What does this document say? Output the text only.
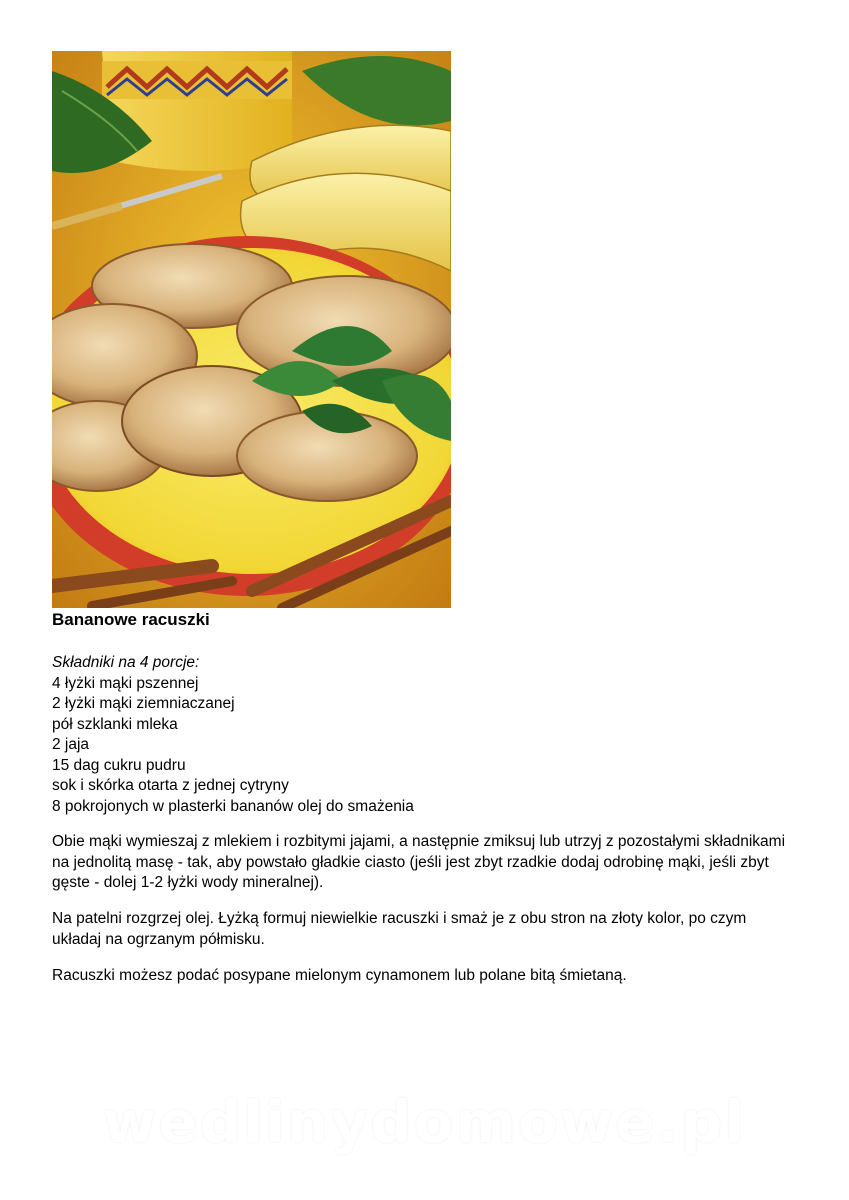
Bananowe racuszki
Składniki na 4 porcje:
4 łyżki mąki pszennej
2 łyżki mąki ziemniaczanej
pół szklanki mleka
2 jaja
15 dag cukru pudru
sok i skórka otarta z jednej cytryny
8 pokrojonych w plasterki bananów olej do smażenia

Obie mąki wymieszaj z mlekiem i rozbitymi jajami, a następnie zmiksuj lub utrzyj z pozostałymi składnikami na jednolitą masę - tak, aby powstało gładkie ciasto (jeśli jest zbyt rzadkie dodaj odrobinę mąki, jeśli zbyt gęste - dolej 1-2 łyżki wody mineralnej).

Na patelni rozgrzej olej. Łyżką formuj niewielkie racuszki i smaż je z obu stron na złoty kolor, po czym układaj na ogrzanym półmisku.

Racuszki możesz podać posypane mielonym cynamonem lub polane bitą śmietaną.

wedlinydomowe.pl
